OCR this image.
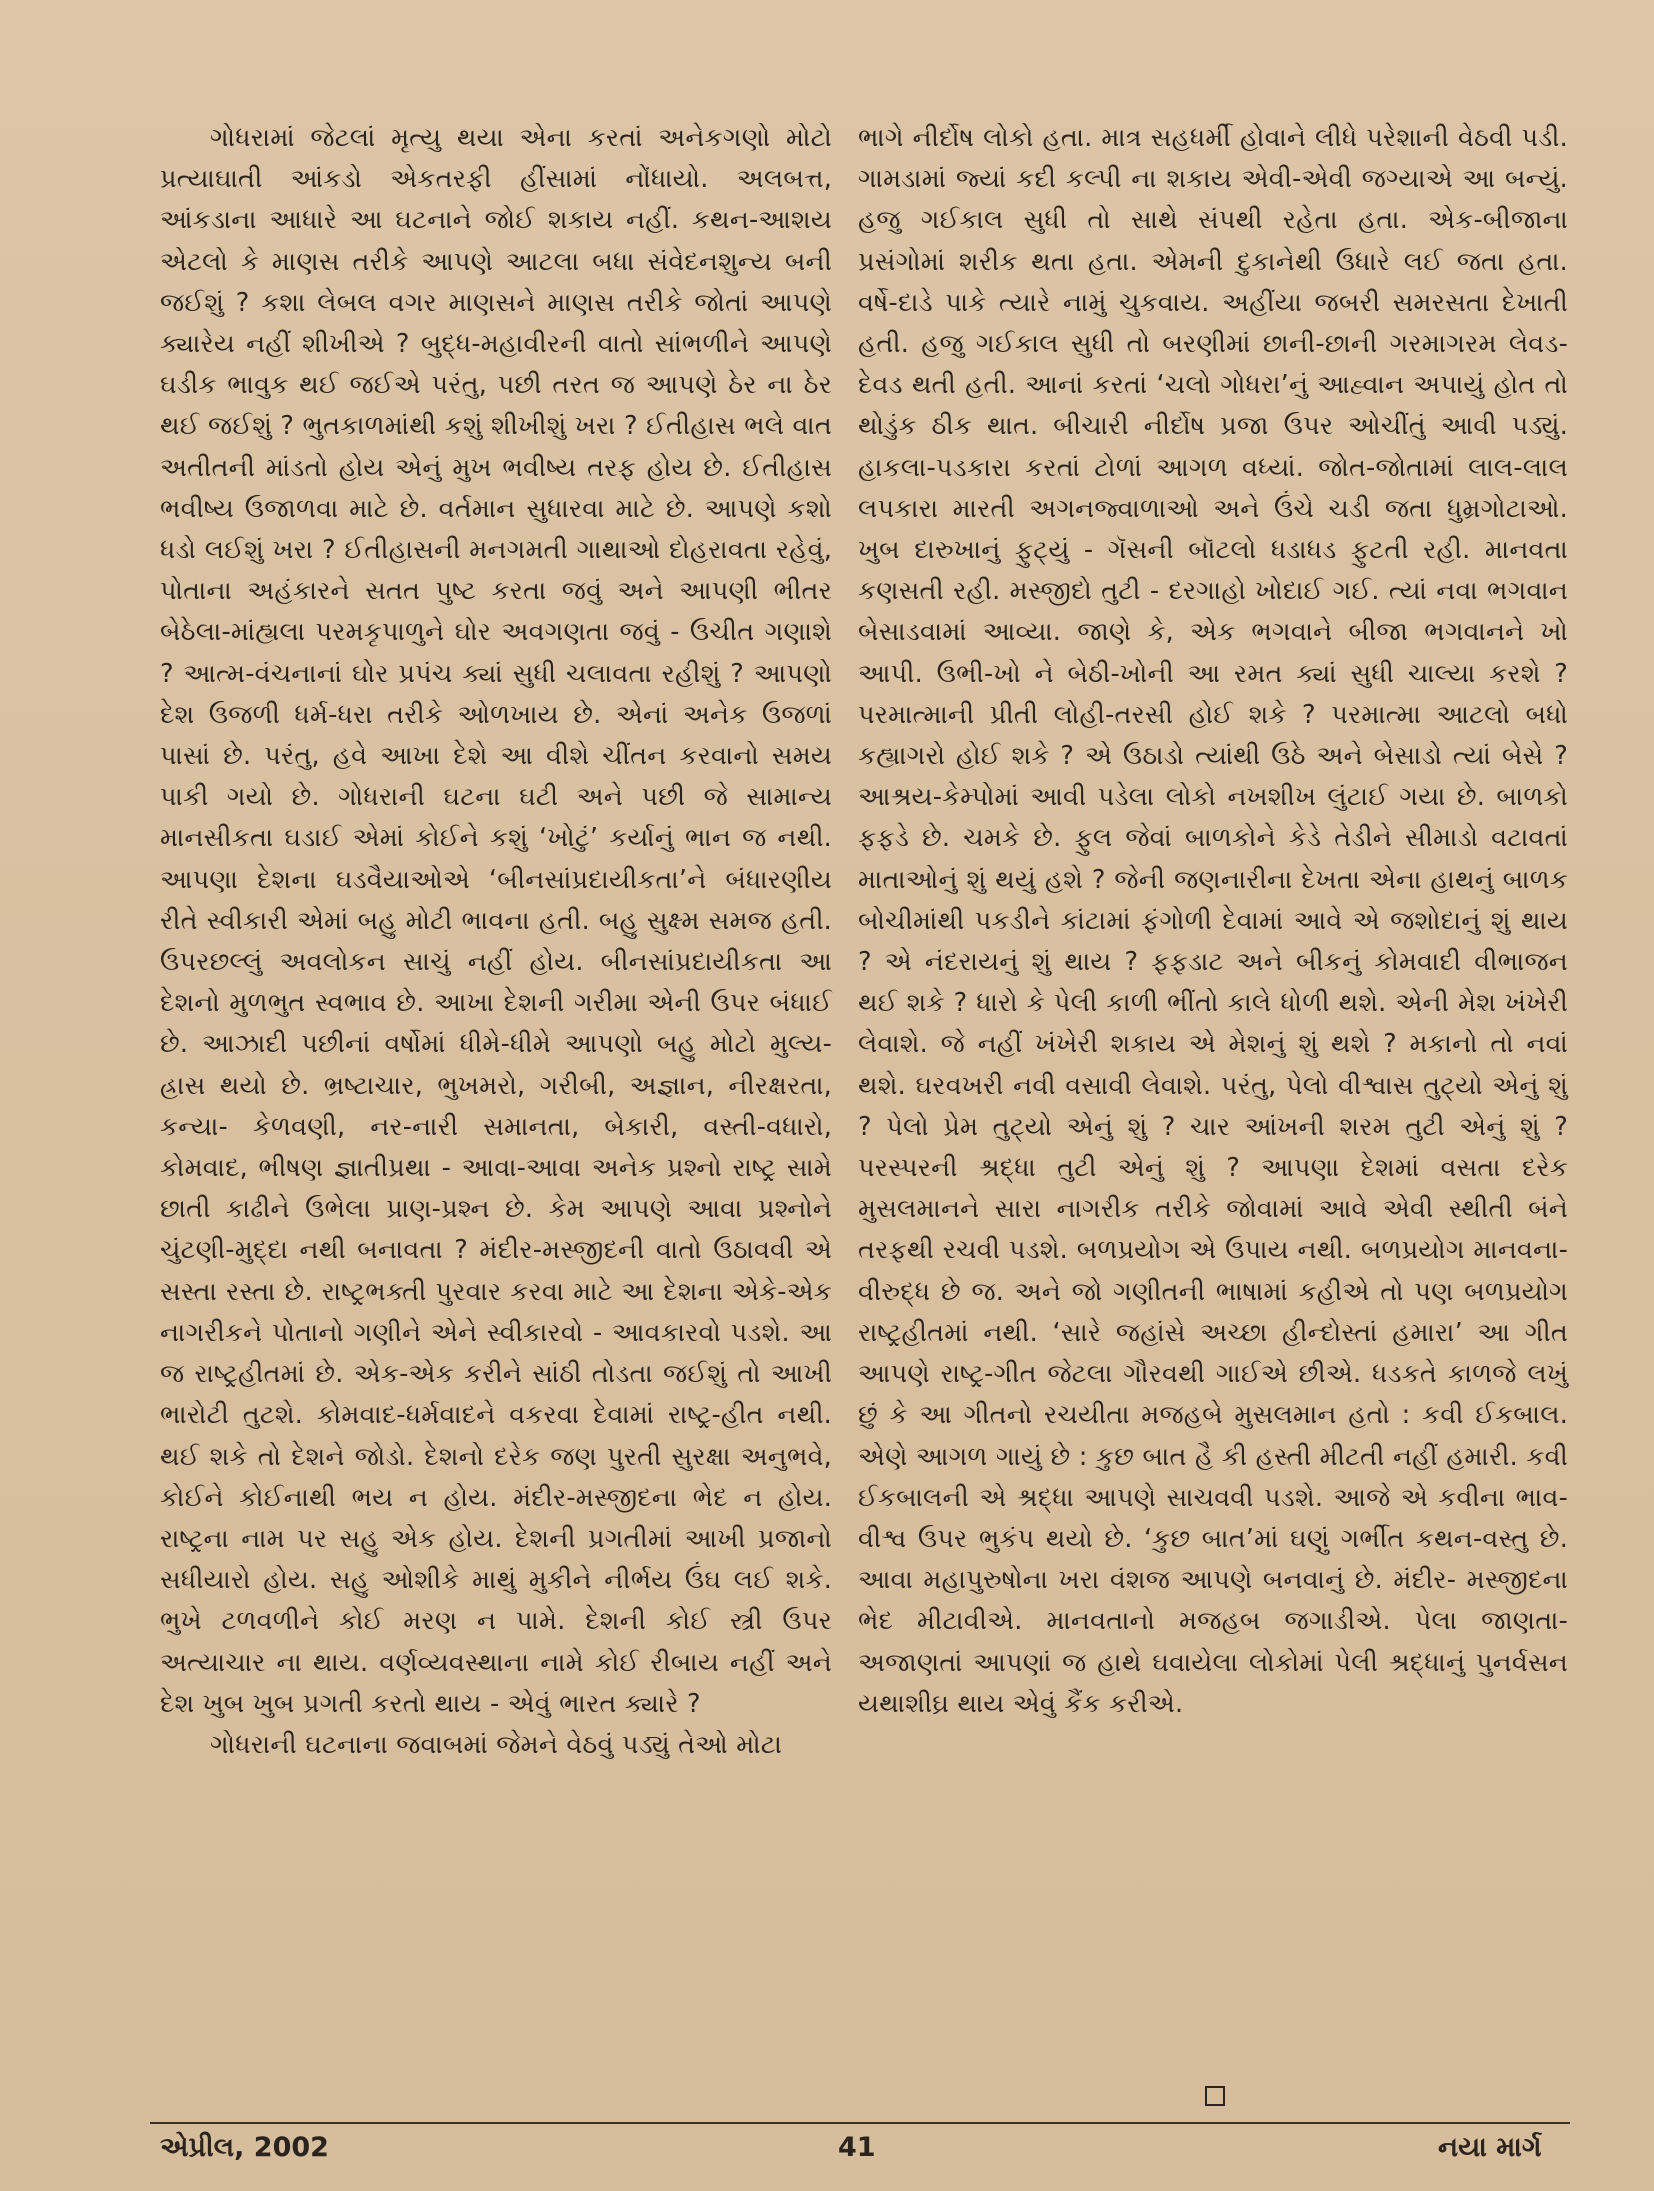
ગોધરામાં જેટલાં મૃત્યુ થયા એના કરતાં અનેકગણો મોટો પ્રત્યાઘાતી આંકડો એકતરફી હીંસામાં નોંધાયો. અલબત્ત, આંકડાના આધારે આ ઘટનાને જોઈ શકાય નહીં. કથન-આશય એટલો કે માણસ તરીકે આપણે આટલા બધા સંવેદનશુન્ય બની જઈશું ? કશા લેબલ વગર માણસને માણસ તરીકે જોતાં આપણે ક્યારેય નહીં શીખીએ ? બુદ્ધ-મહાવીરની વાતો સાંભળીને આપણે ઘડીક ભાવુક થઈ જઈએ પરંતુ, પછી તરત જ આપણે ઠેર ના ઠેર થઈ જઈશું ? ભુતકાળમાંથી કશું શીખીશું ખરા ? ઈતીહાસ ભલે વાત અતીતની માંડતો હોય એનું મુખ ભવીષ્ય તરફ હોય છે. ઈતીહાસ ભવીષ્ય ઉજાળવા માટે છે. વર્તમાન સુધારવા માટે છે. આપણે કશો ધડો લઈશું ખરા ? ઈતીહાસની મનગમતી ગાથાઓ દોહરાવતા રહેવું, પોતાના અહંકારને સતત પુષ્ટ કરતા જવું અને આપણી ભીતર બેઠેલા-માંહ્યલા પરમકૃપાળુને ઘોર અવગણતા જવું - ઉચીત ગણાશે ? આત્મ-વંચનાનાં ઘોર પ્રપંચ ક્યાં સુધી ચલાવતા રહીશું ? આપણો દેશ ઉજળી ધર્મ-ધરા તરીકે ઓળખાય છે. એનાં અનેક ઉજળાં પાસાં છે. પરંતુ, હવે આખા દેશે આ વીશે ચીંતન કરવાનો સમય પાકી ગયો છે. ગોધરાની ઘટના ઘટી અને પછી જે સામાન્ય માનસીકતા ઘડાઈ એમાં કોઈને કશું ‘ખોટું’ કર્યાનું ભાન જ નથી. આપણા દેશના ઘડવૈયાઓએ ‘બીનસાંપ્રદાયીકતા’ને બંધારણીય રીતે સ્વીકારી એમાં બહુ મોટી ભાવના હતી. બહુ સુક્ષ્મ સમજ હતી. ઉપરછલ્લું અવલોકન સાચું નહીં હોય. બીનસાંપ્રદાયીકતા આ દેશનો મુળભુત સ્વભાવ છે. આખા દેશની ગરીમા એની ઉપર બંધાઈ છે. આઝાદી પછીનાં વર્ષોમાં ધીમે-ધીમે આપણો બહુ મોટો મુલ્ય-હ્રાસ થયો છે. ભ્રષ્ટાચાર, ભુખમરો, ગરીબી, અજ્ઞાન, નીરક્ષરતા, કન્યા- કેળવણી, નર-નારી સમાનતા, બેકારી, વસ્તી-વધારો, કોમવાદ, ભીષણ જ્ઞાતીપ્રથા - આવા-આવા અનેક પ્રશ્નો રાષ્ટ્ર સામે છાતી કાઢીને ઉભેલા પ્રાણ-પ્રશ્ન છે. કેમ આપણે આવા પ્રશ્નોને ચુંટણી-મુદ્દા નથી બનાવતા ? મંદીર-મસ્જીદની વાતો ઉઠાવવી એ સસ્તા રસ્તા છે. રાષ્ટ્રભક્તી પુરવાર કરવા માટે આ દેશના એકે-એક નાગરીકને પોતાનો ગણીને એને સ્વીકારવો - આવકારવો પડશે. આ જ રાષ્ટ્રહીતમાં છે. એક-એક કરીને સાંઠી તોડતા જઈશું તો આખી ભારોટી તુટશે. કોમવાદ-ધર્મવાદને વકરવા દેવામાં રાષ્ટ્ર-હીત નથી. થઈ શકે તો દેશને જોડો. દેશનો દરેક જણ પુરતી સુરક્ષા અનુભવે, કોઈને કોઈનાથી ભય ન હોય. મંદીર-મસ્જીદના ભેદ ન હોય. રાષ્ટ્રના નામ પર સહુ એક હોય. દેશની પ્રગતીમાં આખી પ્રજાનો સધીયારો હોય. સહુ ઓશીકે માથું મુકીને નીર્ભય ઉંઘ લઈ શકે. ભુખે ટળવળીને કોઈ મરણ ન પામે. દેશની કોઈ સ્ત્રી ઉપર અત્યાચાર ના થાય. વર્ણવ્યવસ્થાના નામે કોઈ રીબાય નહીં અને દેશ ખુબ ખુબ પ્રગતી કરતો થાય - એવું ભારત ક્યારે ?

ગોધરાની ઘટનાના જવાબમાં જેમને વેઠવું પડ્યું તેઓ મોટા

ભાગે નીર્દોષ લોકો હતા. માત્ર સહધર્મી હોવાને લીધે પરેશાની વેઠવી પડી. ગામડામાં જ્યાં કદી કલ્પી ના શકાય એવી-એવી જગ્યાએ આ બન્યું. હજુ ગઈકાલ સુધી તો સાથે સંપથી રહેતા હતા. એક-બીજાના પ્રસંગોમાં શરીક થતા હતા. એમની દુકાનેથી ઉધારે લઈ જતા હતા. વર્ષે-દાડે પાકે ત્યારે નામું ચુકવાય. અહીંયા જબરી સમરસતા દેખાતી હતી. હજુ ગઈકાલ સુધી તો બરણીમાં છાની-છાની ગરમાગરમ લેવડ-દેવડ થતી હતી. આનાં કરતાં ‘ચલો ગોધરા’નું આહ્વાન અપાયું હોત તો થોડુંક ઠીક થાત. બીચારી નીર્દોષ પ્રજા ઉપર ઓચીંતું આવી પડ્યું. હાકલા-પડકારા કરતાં ટોળાં આગળ વધ્યાં. જોત-જોતામાં લાલ-લાલ લપકારા મારતી અગનજ્વાળાઓ અને ઉંચે ચડી જતા ધુમ્રગોટાઓ. ખુબ દારુખાનું ફુટ્યું - ગૅસની બૉટલો ધડાધડ ફુટતી રહી. માનવતા કણસતી રહી. મસ્જીદો તુટી - દરગાહો ખોદાઈ ગઈ. ત્યાં નવા ભગવાન બેસાડવામાં આવ્યા. જાણે કે, એક ભગવાને બીજા ભગવાનને ખો આપી. ઉભી-ખો ને બેઠી-ખોની આ રમત ક્યાં સુધી ચાલ્યા કરશે ? પરમાત્માની પ્રીતી લોહી-તરસી હોઈ શકે ? પરમાત્મા આટલો બધો કહ્યાગરો હોઈ શકે ? એ ઉઠાડો ત્યાંથી ઉઠે અને બેસાડો ત્યાં બેસે ? આશ્રય-કેમ્પોમાં આવી પડેલા લોકો નખશીખ લુંટાઈ ગયા છે. બાળકો ફફડે છે. ચમકે છે. ફુલ જેવાં બાળકોને કેડે તેડીને સીમાડો વટાવતાં માતાઓનું શું થયું હશે ? જેની જણનારીના દેખતા એના હાથનું બાળક બોચીમાંથી પકડીને કાંટામાં ફંગોળી દેવામાં આવે એ જશોદાનું શું થાય ? એ નંદરાયનું શું થાય ? ફફડાટ અને બીકનું કોમવાદી વીભાજન થઈ શકે ? ધારો કે પેલી કાળી ભીંતો કાલે ધોળી થશે. એની મેશ ખંખેરી લેવાશે. જે નહીં ખંખેરી શકાય એ મેશનું શું થશે ? મકાનો તો નવાં થશે. ઘરવખરી નવી વસાવી લેવાશે. પરંતુ, પેલો વીશ્વાસ તુટ્યો એનું શું ? પેલો પ્રેમ તુટ્યો એનું શું ? ચાર આંખની શરમ તુટી એનું શું ? પરસ્પરની શ્રદ્ધા તુટી એનું શું ? આપણા દેશમાં વસતા દરેક મુસલમાનને સારા નાગરીક તરીકે જોવામાં આવે એવી સ્થીતી બંને તરફથી રચવી પડશે. બળપ્રયોગ એ ઉપાય નથી. બળપ્રયોગ માનવના-વીરુદ્ધ છે જ. અને જો ગણીતની ભાષામાં કહીએ તો પણ બળપ્રયોગ રાષ્ટ્રહીતમાં નથી. ‘સારે જહાંસે અચ્છા હીન્દોસ્તાં હમારા’ આ ગીત આપણે રાષ્ટ્ર-ગીત જેટલા ગૌરવથી ગાઈએ છીએ. ધડકતે કાળજે લખું છું કે આ ગીતનો રચયીતા મજહબે મુસલમાન હતો : કવી ઈકબાલ. એણે આગળ ગાયું છે : કુછ બાત હૈ કી હસ્તી મીટતી નહીં હમારી. કવી ઈકબાલની એ શ્રદ્ધા આપણે સાચવવી પડશે. આજે એ કવીના ભાવ-વીશ્વ ઉપર ભુકંપ થયો છે. ‘કુછ બાત’માં ઘણું ગર્ભીત કથન-વસ્તુ છે. આવા મહાપુરુષોના ખરા વંશજ આપણે બનવાનું છે. મંદીર- મસ્જીદના ભેદ મીટાવીએ. માનવતાનો મજહબ જગાડીએ. પેલા જાણતા-અજાણતાં આપણાં જ હાથે ઘવાયેલા લોકોમાં પેલી શ્રદ્ધાનું પુનર્વસન યથાશીઘ્ર થાય એવું કૈંક કરીએ.

એપ્રીલ, 2002	41	નયા માર્ગ
